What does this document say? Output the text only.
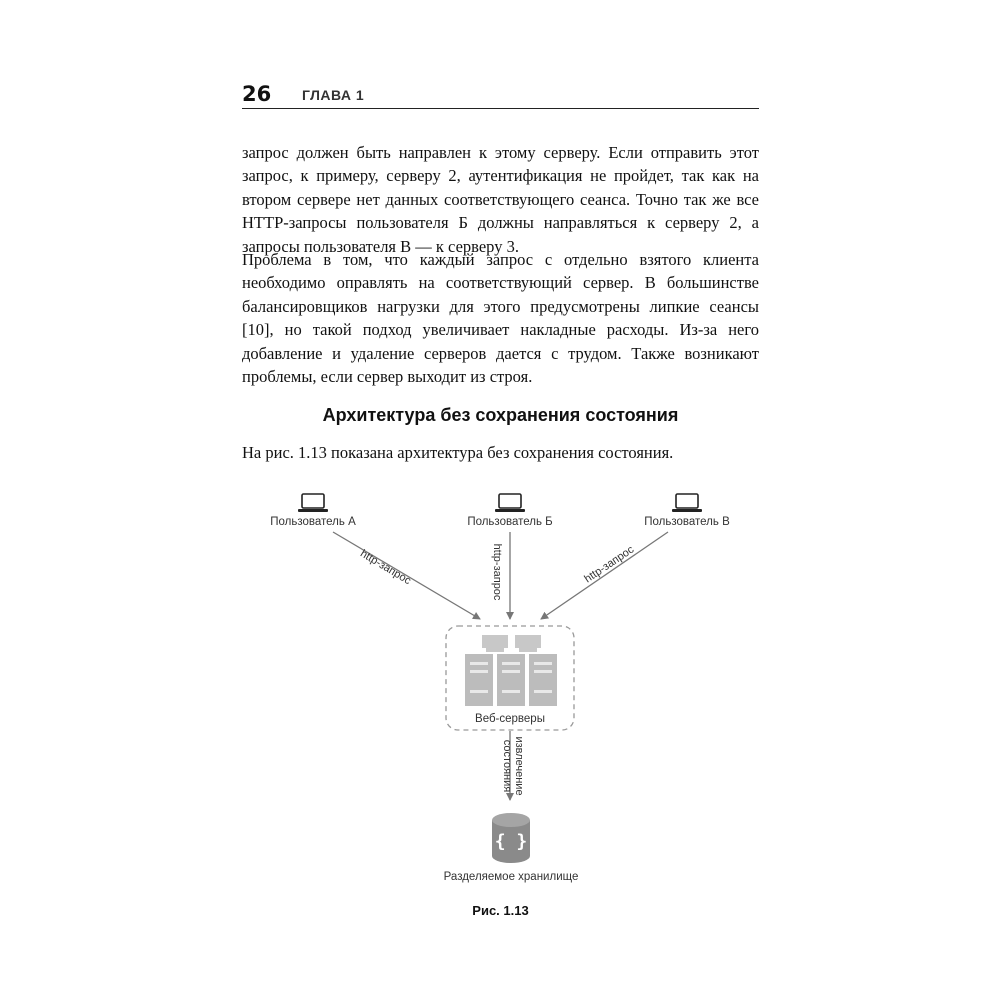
26 ГЛАВА 1

запрос должен быть направлен к этому серверу. Если отправить этот запрос, к примеру, серверу 2, аутентификация не пройдет, так как на втором сервере нет данных соответствующего сеанса. Точно так же все HTTP-запросы пользователя Б должны направляться к серверу 2, а запросы пользователя В — к серверу 3.

Проблема в том, что каждый запрос с отдельно взятого клиента необходимо оправлять на соответствующий сервер. В большинстве балансировщиков нагрузки для этого предусмотрены липкие сеансы [10], но такой подход увеличивает накладные расходы. Из-за него добавление и удаление серверов дается с трудом. Также возникают проблемы, если сервер выходит из строя.

Архитектура без сохранения состояния

На рис. 1.13 показана архитектура без сохранения состояния.

Пользователь А	Пользователь Б	Пользователь В
http-запрос	http-запрос	http-запрос
Веб-серверы
извлечение
состояния
{ }
Разделяемое хранилище

Рис. 1.13
